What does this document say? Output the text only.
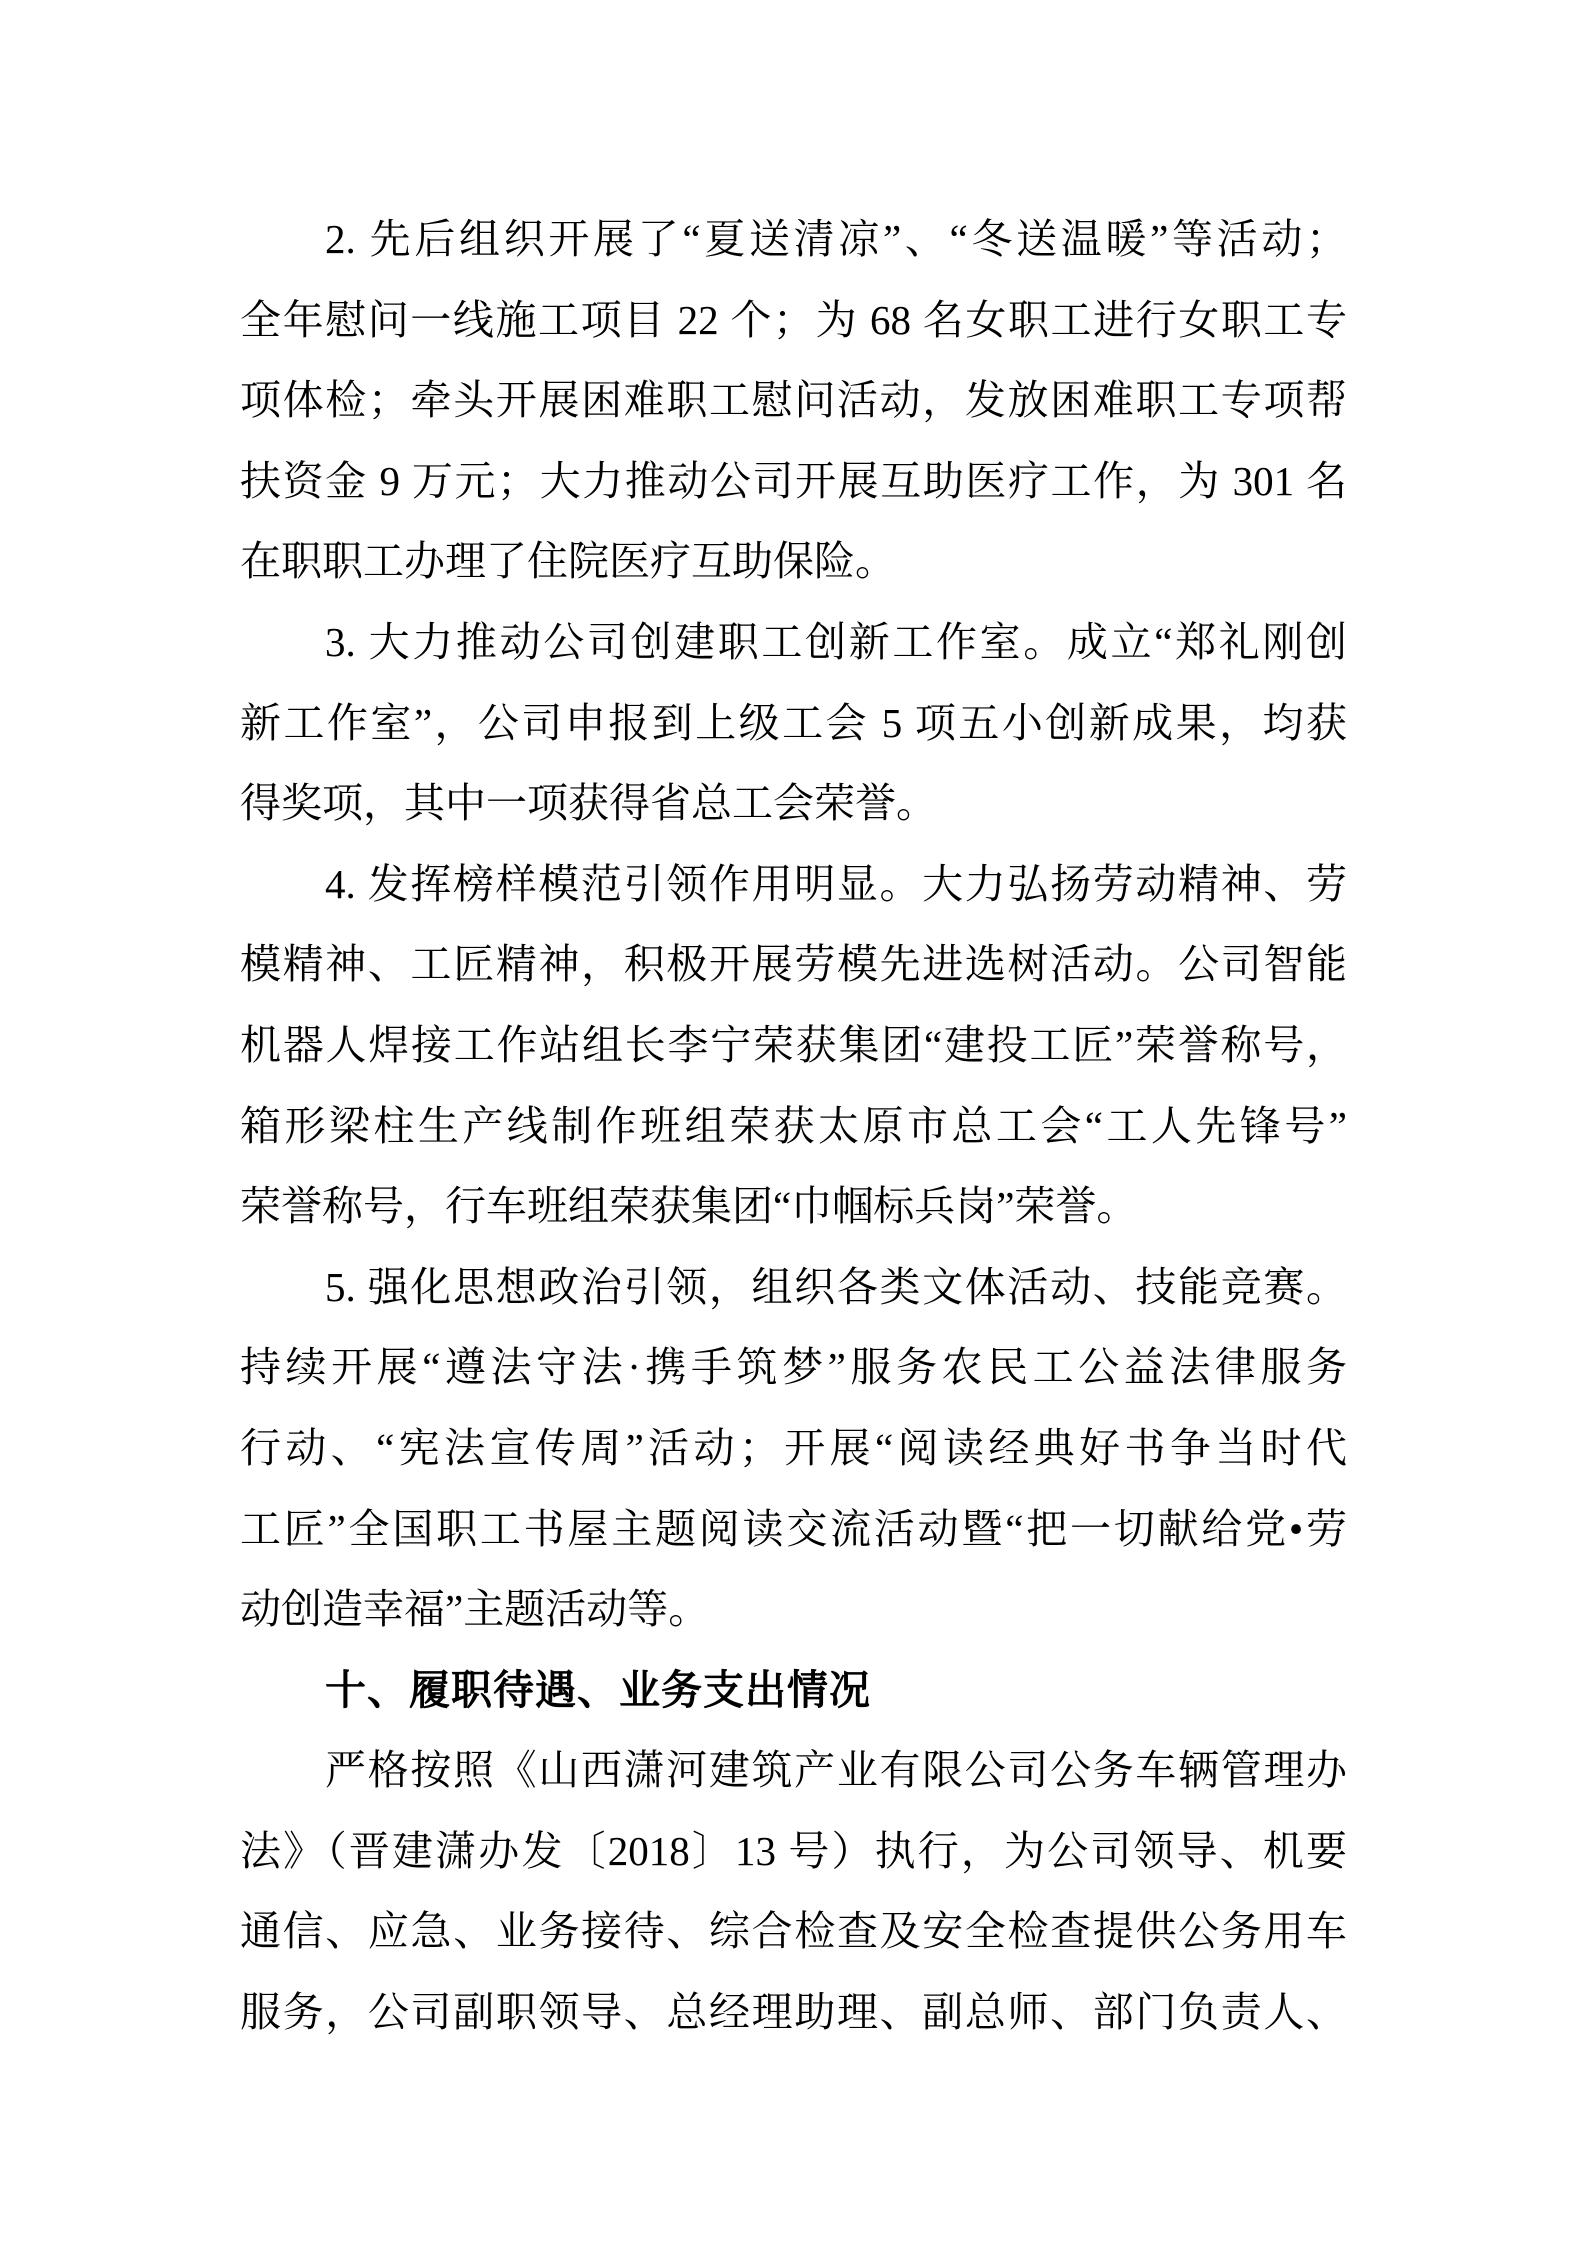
2. 先后组织开展了“夏送清凉”、“冬送温暖”等活动；
全年慰问一线施工项目 22 个；为 68 名女职工进行女职工专
项体检；牵头开展困难职工慰问活动，发放困难职工专项帮
扶资金 9 万元；大力推动公司开展互助医疗工作，为 301 名
在职职工办理了住院医疗互助保险。
3. 大力推动公司创建职工创新工作室。成立“郑礼刚创
新工作室”，公司申报到上级工会 5 项五小创新成果，均获
得奖项，其中一项获得省总工会荣誉。
4. 发挥榜样模范引领作用明显。大力弘扬劳动精神、劳
模精神、工匠精神，积极开展劳模先进选树活动。公司智能
机器人焊接工作站组长李宁荣获集团“建投工匠”荣誉称号，
箱形梁柱生产线制作班组荣获太原市总工会“工人先锋号”
荣誉称号，行车班组荣获集团“巾帼标兵岗”荣誉。
5. 强化思想政治引领，组织各类文体活动、技能竞赛。
持续开展“遵法守法·携手筑梦”服务农民工公益法律服务
行动、“宪法宣传周”活动；开展“阅读经典好书争当时代
工匠”全国职工书屋主题阅读交流活动暨“把一切献给党•劳
动创造幸福”主题活动等。
十、履职待遇、业务支出情况
严格按照《山西潇河建筑产业有限公司公务车辆管理办
法》（晋建潇办发〔2018〕13 号）执行，为公司领导、机要
通信、应急、业务接待、综合检查及安全检查提供公务用车
服务，公司副职领导、总经理助理、副总师、部门负责人、
